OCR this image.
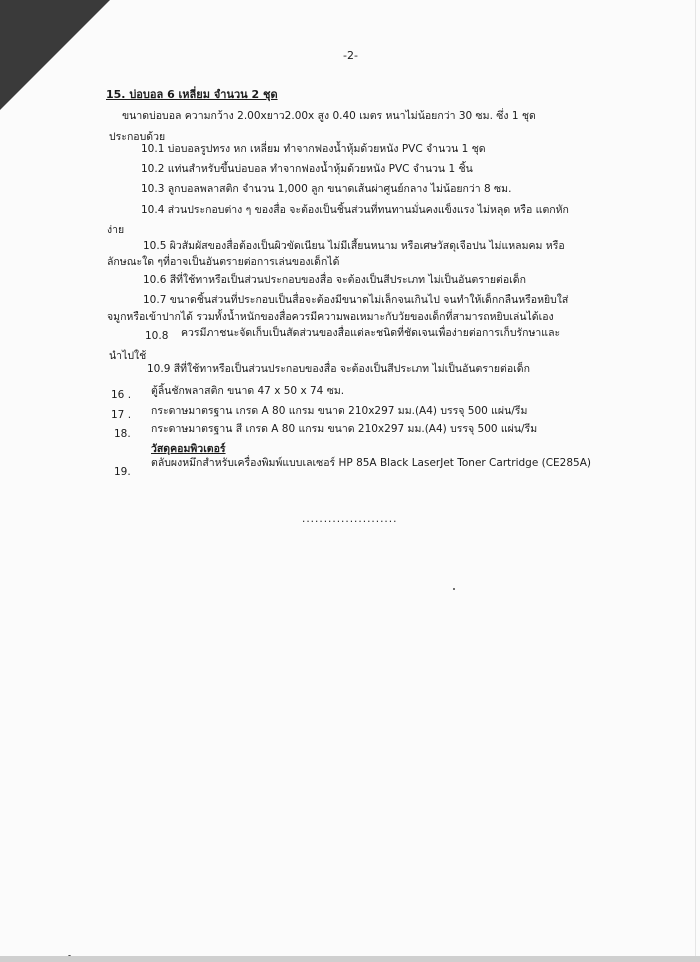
-2-
15. บ่อบอล 6 เหลี่ยม จำนวน 2 ชุด
ขนาดบ่อบอล ความกว้าง 2.00xยาว2.00x สูง 0.40 เมตร หนาไม่น้อยกว่า 30 ซม. ซึ่ง 1 ชุด
ประกอบด้วย
10.1 บ่อบอลรูปทรง หก เหลี่ยม ทำจากฟองน้ำหุ้มด้วยหนัง PVC จำนวน 1 ชุด
10.2 แท่นสำหรับขึ้นบ่อบอล ทำจากฟองน้ำหุ้มด้วยหนัง PVC จำนวน 1 ชิ้น
10.3 ลูกบอลพลาสติก จำนวน 1,000 ลูก ขนาดเส้นผ่าศูนย์กลาง ไม่น้อยกว่า 8 ซม.
10.4 ส่วนประกอบต่าง ๆ ของสื่อ จะต้องเป็นชิ้นส่วนที่ทนทานมั่นคงแข็งแรง ไม่หลุด หรือ แตกหัก
ง่าย
10.5 ผิวสัมผัสของสื่อต้องเป็นผิวขัดเนียน ไม่มีเสี้ยนหนาม หรือเศษวัสดุเจือปน ไม่แหลมคม หรือ
ลักษณะใด ๆที่อาจเป็นอันตรายต่อการเล่นของเด็กได้
10.6 สีที่ใช้ทาหรือเป็นส่วนประกอบของสื่อ จะต้องเป็นสีประเภท ไม่เป็นอันตรายต่อเด็ก
10.7 ขนาดชิ้นส่วนที่ประกอบเป็นสื่อจะต้องมีขนาดไม่เล็กจนเกินไป จนทำให้เด็กกลืนหรือหยิบใส่
จมูกหรือเข้าปากได้ รวมทั้งน้ำหนักของสื่อควรมีความพอเหมาะกับวัยของเด็กที่สามารถหยิบเล่นได้เอง
10.8 ควรมีภาชนะจัดเก็บเป็นสัดส่วนของสื่อแต่ละชนิดที่ชัดเจนเพื่อง่ายต่อการเก็บรักษาและ
นำไปใช้
10.9 สีที่ใช้ทาหรือเป็นส่วนประกอบของสื่อ จะต้องเป็นสีประเภท ไม่เป็นอันตรายต่อเด็ก
16 . ตู้ลิ้นชักพลาสติก ขนาด 47 x 50 x 74 ซม.
17 . กระดาษมาตรฐาน เกรด A 80 แกรม ขนาด 210x297 มม.(A4) บรรจุ 500 แผ่น/รีม
18. กระดาษมาตรฐาน สี เกรด A 80 แกรม ขนาด 210x297 มม.(A4) บรรจุ 500 แผ่น/รีม
วัสดุคอมพิวเตอร์
19.
ตลับผงหมึกสำหรับเครื่องพิมพ์แบบเลเซอร์ HP 85A Black LaserJet Toner Cartridge (CE285A)
......................
